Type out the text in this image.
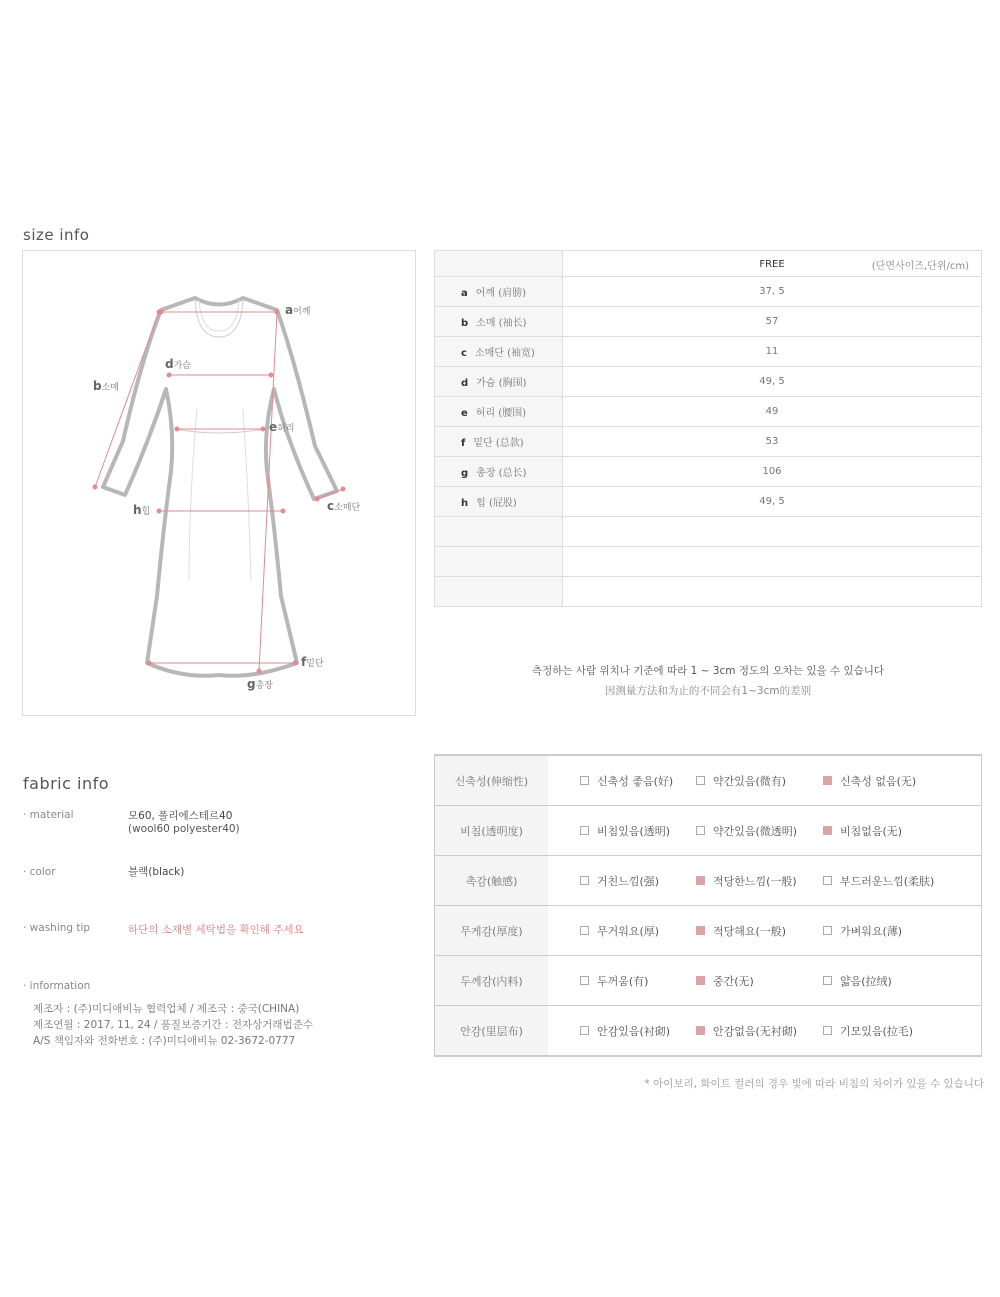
size info
a어깨
b소매
c소매단
d가슴
e허리
f밑단
g총장
h힙

	FREE (단면사이즈,단위/cm)

a 어깨 (肩膀)	37, 5
b 소매 (袖长)	57
c 소매단 (袖宽)	11
d 가슴 (胸围)	49, 5
e 허리 (腰围)	49
f 밑단 (总款)	53
g 총장 (总长)	106
h 힙 (屁股)	49, 5

측정하는 사람 위치나 기준에 따라 1 ~ 3cm 정도의 오차는 있을 수 있습니다
因测量方法和为止的不同会有1~3cm的差别
fabric info
· material	모60, 폴리에스테르40
(wool60 polyester40)
· color	블랙(black)
· washing tip	하단의 소재별 세탁법을 확인해 주세요
· information
제조자 : (주)미디애비뉴 협력업체 / 제조국 : 중국(CHINA)
제조연월 : 2017, 11, 24 / 품질보증기간 : 전자상거래법준수
A/S 책임자와 전화번호 : (주)미디애비뉴 02-3672-0777
신축성(伸缩性)	신축성 좋음(好) 약간있음(微有) 신축성 없음(无)

비침(透明度)	비침있음(透明) 약간있음(微透明) 비침없음(无)

촉감(触感)	거친느낌(强) 적당한느낌(一般) 부드러운느낌(柔肤)

무게감(厚度)	무거워요(厚) 적당해요(一般) 가벼워요(薄)

두께감(内料)	두꺼움(有) 중간(无) 얇음(拉绒)

안감(里层布)	안감있음(衬砌) 안감없음(无衬砌) 기모있음(拉毛)
* 아이보리, 화이트 컬러의 경우 빛에 따라 비침의 차이가 있을 수 있습니다
